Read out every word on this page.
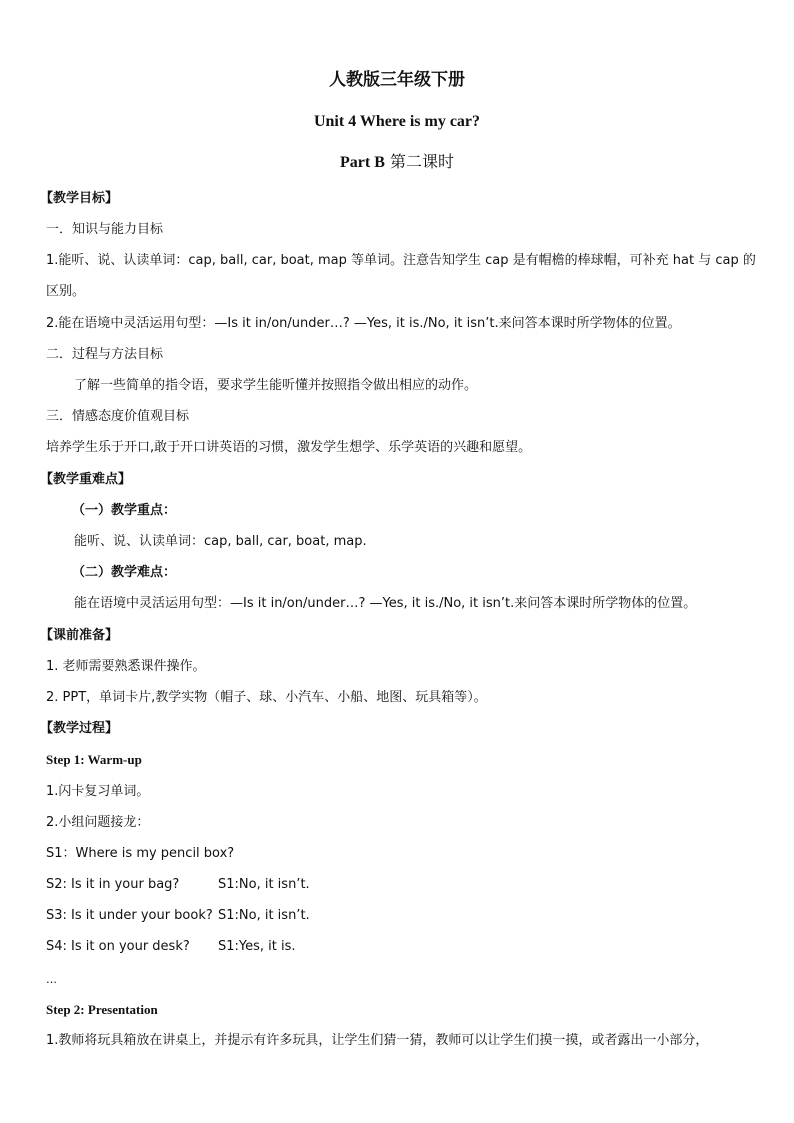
人教版三年级下册
Unit 4 Where is my car?
Part B 第二课时
【教学目标】
一．知识与能力目标
1.能听、说、认读单词：cap, ball, car, boat, map 等单词。注意告知学生 cap 是有帽檐的棒球帽，可补充 hat 与 cap 的
区别。
2.能在语境中灵活运用句型：—Is it in/on/under…? —Yes, it is./No, it isn’t.来问答本课时所学物体的位置。
二．过程与方法目标
了解一些简单的指令语，要求学生能听懂并按照指令做出相应的动作。
三．情感态度价值观目标
培养学生乐于开口,敢于开口讲英语的习惯，激发学生想学、乐学英语的兴趣和愿望。
【教学重难点】
（一）教学重点：
能听、说、认读单词：cap, ball, car, boat, map.
（二）教学难点：
能在语境中灵活运用句型：—Is it in/on/under…? —Yes, it is./No, it isn’t.来问答本课时所学物体的位置。
【课前准备】
1. 老师需要熟悉课件操作。
2. PPT，单词卡片,教学实物（帽子、球、小汽车、小船、地图、玩具箱等）。
【教学过程】
Step 1: Warm-up
1.闪卡复习单词。
2.小组问题接龙：
S1：Where is my pencil box?
S2: Is it in your bag?	S1:No, it isn’t.
S3: Is it under your book? S1:No, it isn’t.
S4: Is it on your desk? S1:Yes, it is.
…
Step 2: Presentation
1.教师将玩具箱放在讲桌上，并提示有许多玩具，让学生们猜一猜，教师可以让学生们摸一摸，或者露出一小部分，
